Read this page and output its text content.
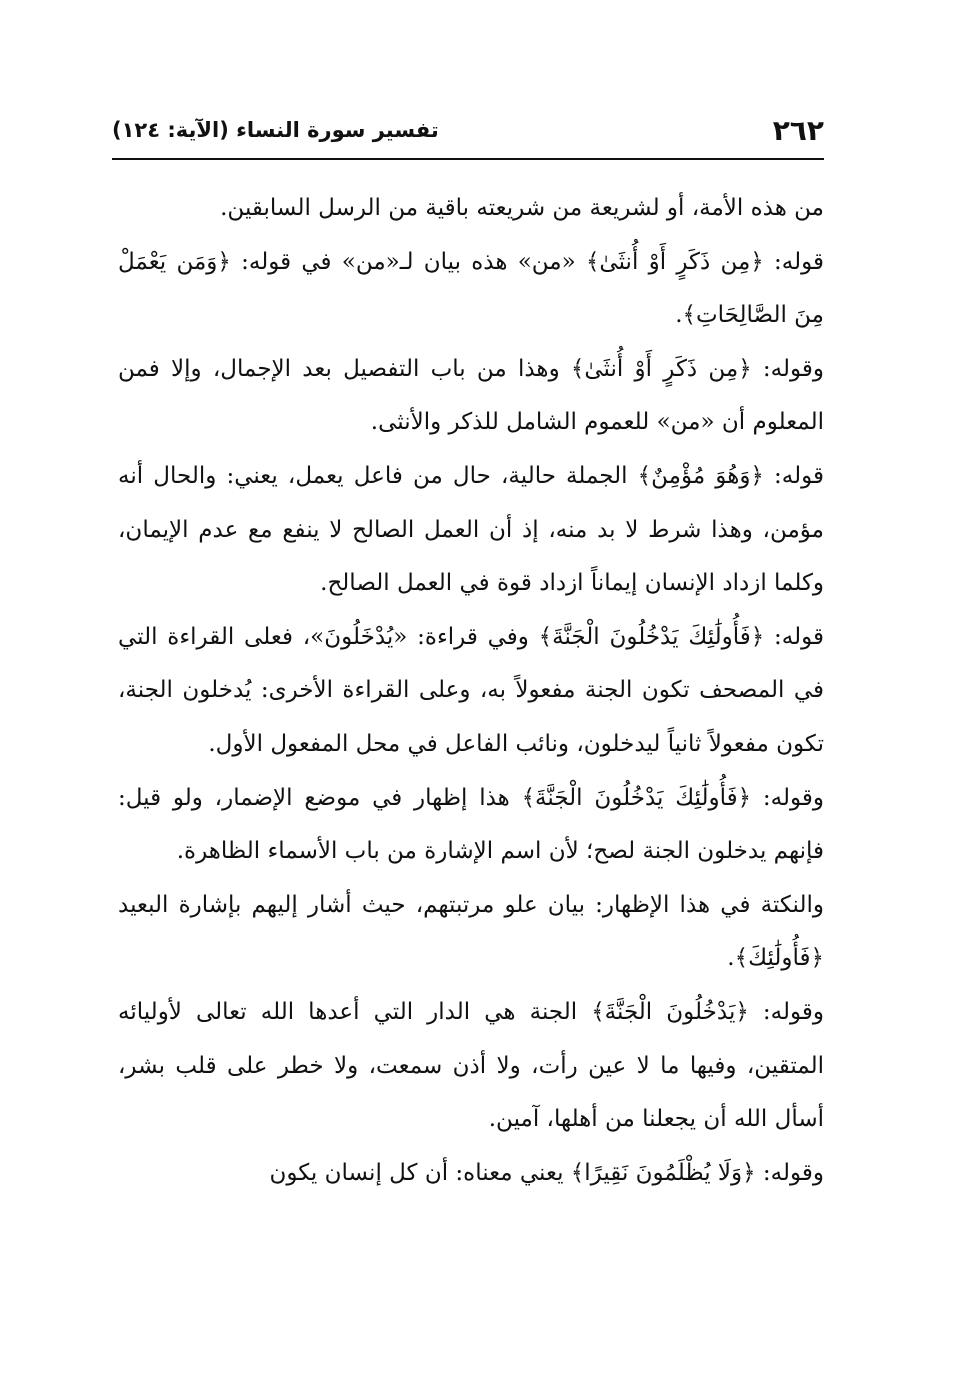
٢٦٢
تفسير سورة النساء (الآية: ١٢٤)

من هذه الأمة، أو لشريعة من شريعته باقية من الرسل السابقين.

قوله: ﴿مِن ذَكَرٍ أَوْ أُنثَىٰ﴾ «من» هذه بيان لـ«من» في قوله: ﴿وَمَن يَعْمَلْ مِنَ الصَّالِحَاتِ﴾.

وقوله: ﴿مِن ذَكَرٍ أَوْ أُنثَىٰ﴾ وهذا من باب التفصيل بعد الإجمال، وإلا فمن المعلوم أن «من» للعموم الشامل للذكر والأنثى.

قوله: ﴿وَهُوَ مُؤْمِنٌ﴾ الجملة حالية، حال من فاعل يعمل، يعني: والحال أنه مؤمن، وهذا شرط لا بد منه، إذ أن العمل الصالح لا ينفع مع عدم الإيمان، وكلما ازداد الإنسان إيماناً ازداد قوة في العمل الصالح.

قوله: ﴿فَأُولَٰئِكَ يَدْخُلُونَ الْجَنَّةَ﴾ وفي قراءة: «يُدْخَلُونَ»، فعلى القراءة التي في المصحف تكون الجنة مفعولاً به، وعلى القراءة الأخرى: يُدخلون الجنة، تكون مفعولاً ثانياً ليدخلون، ونائب الفاعل في محل المفعول الأول.

وقوله: ﴿فَأُولَٰئِكَ يَدْخُلُونَ الْجَنَّةَ﴾ هذا إظهار في موضع الإضمار، ولو قيل: فإنهم يدخلون الجنة لصح؛ لأن اسم الإشارة من باب الأسماء الظاهرة.

والنكتة في هذا الإظهار: بيان علو مرتبتهم، حيث أشار إليهم بإشارة البعيد ﴿فَأُولَٰئِكَ﴾.

وقوله: ﴿يَدْخُلُونَ الْجَنَّةَ﴾ الجنة هي الدار التي أعدها الله تعالى لأوليائه المتقين، وفيها ما لا عين رأت، ولا أذن سمعت، ولا خطر على قلب بشر، أسأل الله أن يجعلنا من أهلها، آمين.

وقوله: ﴿وَلَا يُظْلَمُونَ نَقِيرًا﴾ يعني معناه: أن كل إنسان يكون
